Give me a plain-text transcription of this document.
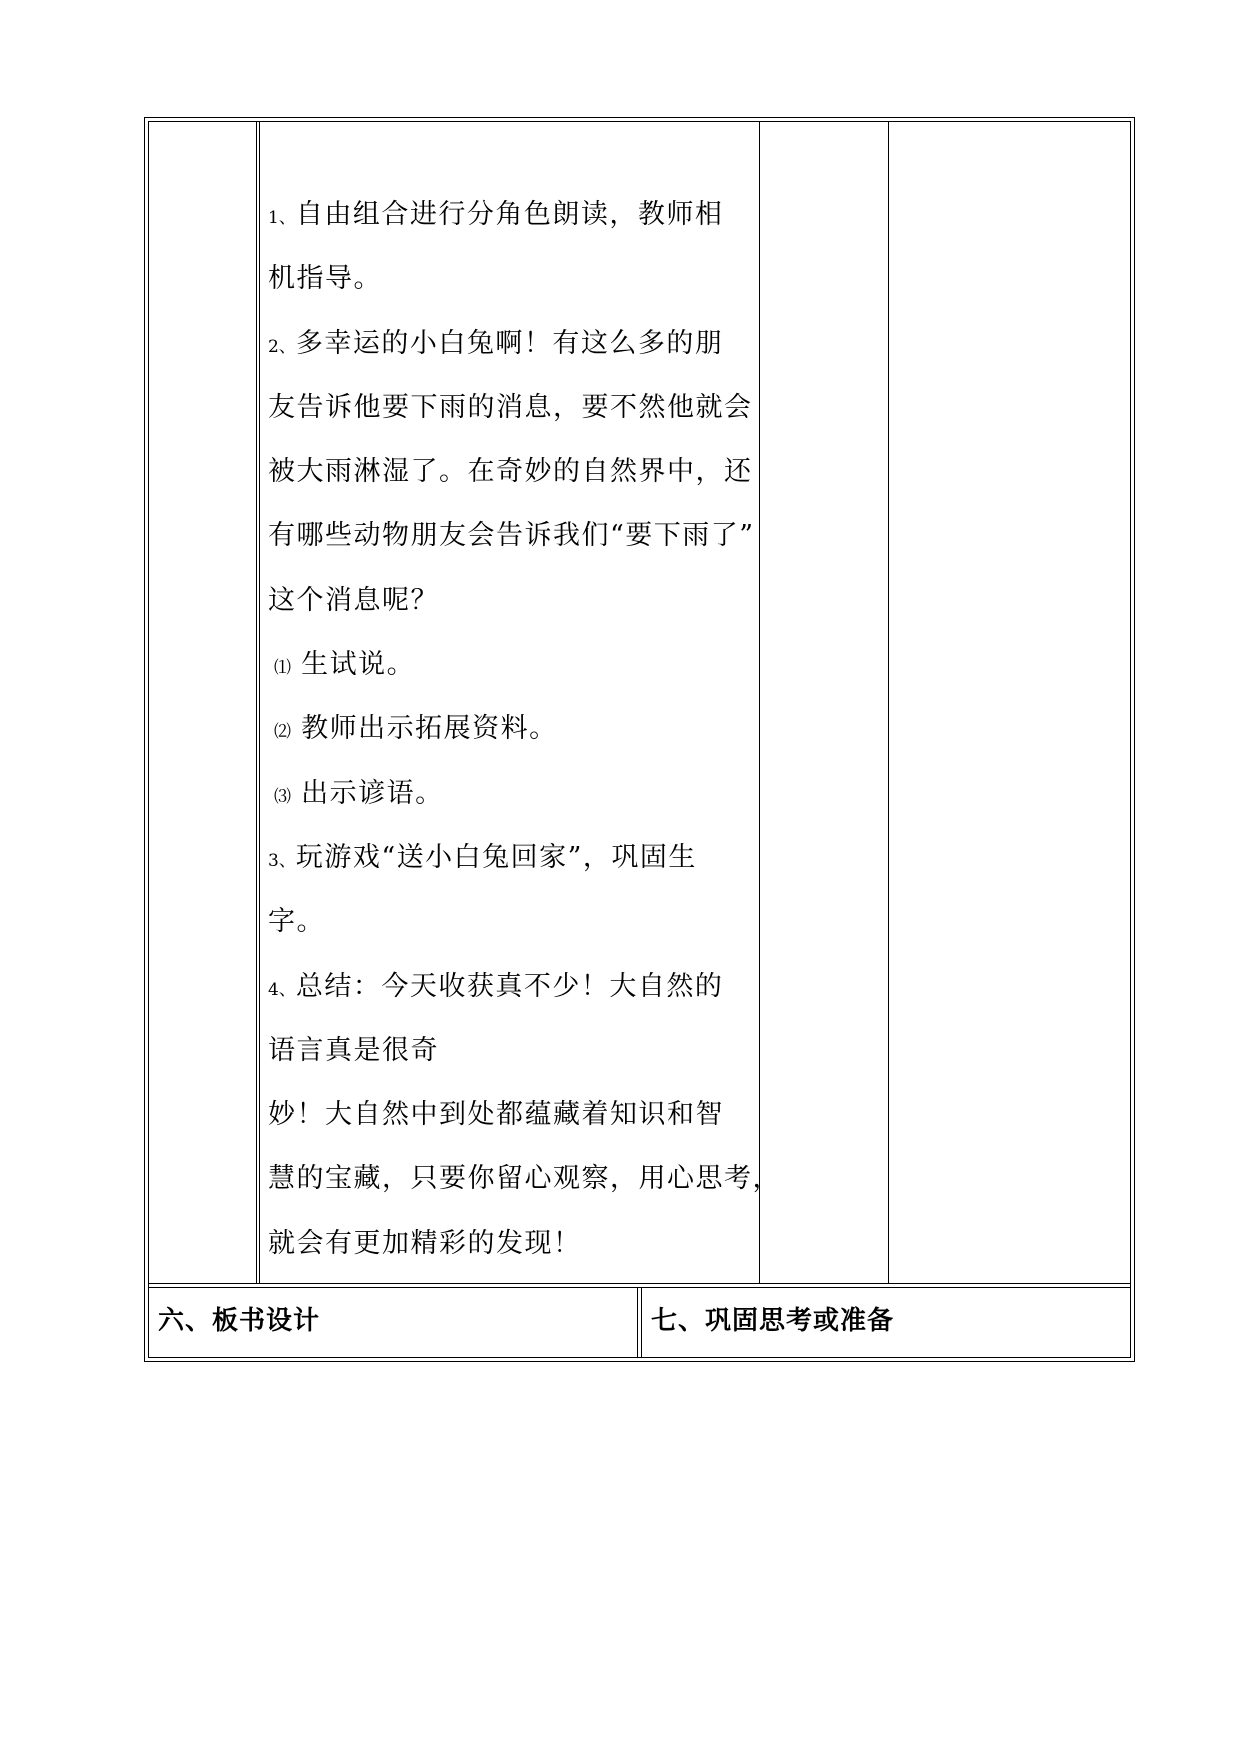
1、自由组合进行分角色朗读，教师相
机指导。
2、多幸运的小白兔啊！有这么多的朋
友告诉他要下雨的消息，要不然他就会
被大雨淋湿了。在奇妙的自然界中，还
有哪些动物朋友会告诉我们“要下雨了”
这个消息呢？
⑴ 生试说。
⑵ 教师出示拓展资料。
⑶ 出示谚语。
3、玩游戏“送小白兔回家”，巩固生
字。
4、总结：今天收获真不少！大自然的
语言真是很奇
妙！大自然中到处都蕴藏着知识和智
慧的宝藏，只要你留心观察，用心思考，
就会有更加精彩的发现！
六、板书设计	七、巩固思考或准备
